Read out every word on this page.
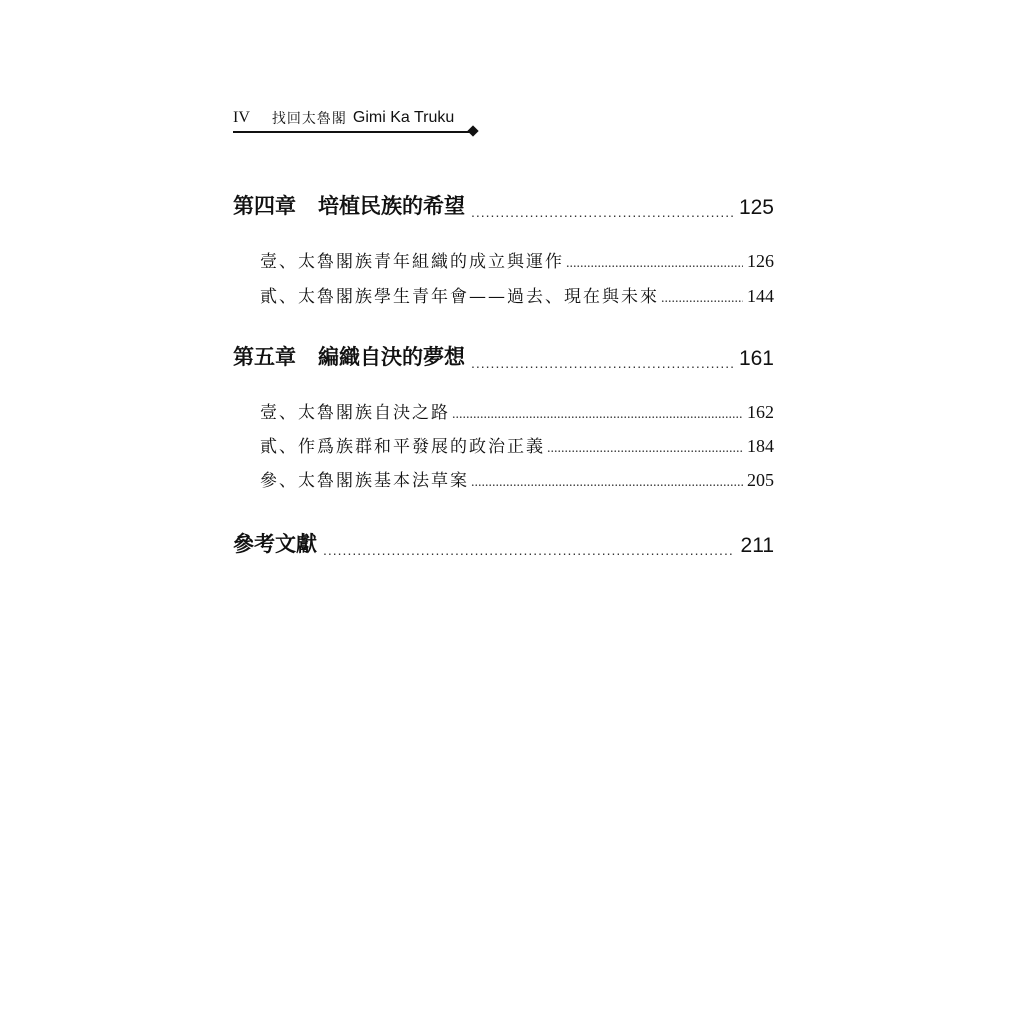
IV 找回太魯閣 Gimi Ka Truku
第四章 培植民族的希望 .....	125
壹、太魯閣族青年組織的成立與運作 .....	126
貳、太魯閣族學生青年會——過去、現在與未來 .....	144
第五章 編織自決的夢想 .....	161
壹、太魯閣族自決之路 .....	162
貳、作爲族群和平發展的政治正義 .....	184
參、太魯閣族基本法草案 .....	205
參考文獻 .....	211
